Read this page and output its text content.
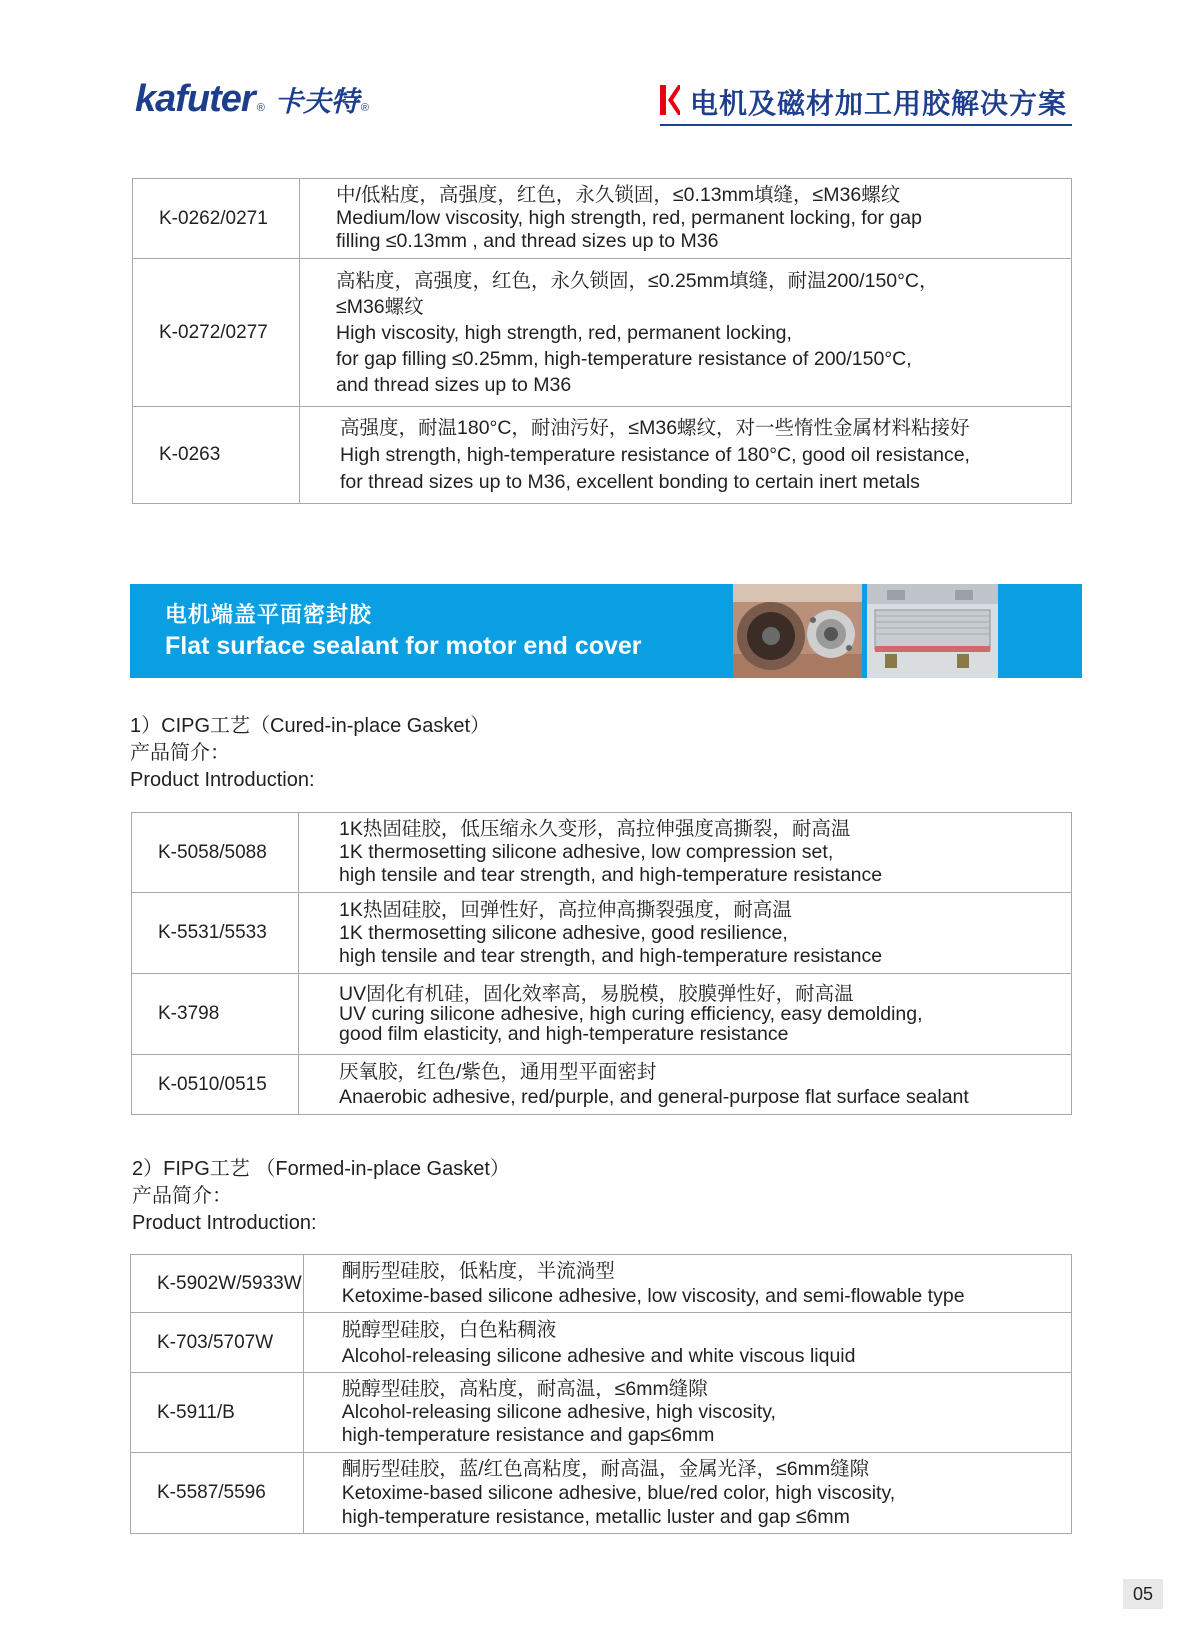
kafuter ® 卡夫特 ®	电机及磁材加工用胶解决方案
K-0262/0271	中/低粘度，高强度，红色，永久锁固，≤0.13mm填缝，≤M36螺纹
Medium/low viscosity, high strength, red, permanent locking, for gap
filling ≤0.13mm , and thread sizes up to M36

K-0272/0277	高粘度，高强度，红色，永久锁固，≤0.25mm填缝，耐温200/150°C，
≤M36螺纹
High viscosity, high strength, red, permanent locking,
for gap filling ≤0.25mm, high-temperature resistance of 200/150°C,
and thread sizes up to M36

K-0263	高强度，耐温180°C，耐油污好，≤M36螺纹，对一些惰性金属材料粘接好
High strength, high-temperature resistance of 180°C, good oil resistance,
for thread sizes up to M36, excellent bonding to certain inert metals
电机端盖平面密封胶
Flat surface sealant for motor end cover
1）CIPG工艺（Cured-in-place Gasket）
产品简介：
Product Introduction:
K-5058/5088	1K热固硅胶，低压缩永久变形，高拉伸强度高撕裂，耐高温
1K thermosetting silicone adhesive, low compression set,
high tensile and tear strength, and high-temperature resistance

K-5531/5533	1K热固硅胶，回弹性好，高拉伸高撕裂强度，耐高温
1K thermosetting silicone adhesive, good resilience,
high tensile and tear strength, and high-temperature resistance

K-3798	UV固化有机硅，固化效率高，易脱模，胶膜弹性好，耐高温
UV curing silicone adhesive, high curing efficiency, easy demolding,
good film elasticity, and high-temperature resistance

K-0510/0515	厌氧胶，红色/紫色，通用型平面密封
Anaerobic adhesive, red/purple, and general-purpose flat surface sealant
2）FIPG工艺 （Formed-in-place Gasket）
产品简介：
Product Introduction:
K-5902W/5933W	酮肟型硅胶，低粘度，半流淌型
Ketoxime-based silicone adhesive, low viscosity, and semi-flowable type

K-703/5707W	脱醇型硅胶，白色粘稠液
Alcohol-releasing silicone adhesive and white viscous liquid

K-5911/B	脱醇型硅胶，高粘度，耐高温，≤6mm缝隙
Alcohol-releasing silicone adhesive, high viscosity,
high-temperature resistance and gap≤6mm

K-5587/5596	酮肟型硅胶，蓝/红色高粘度，耐高温，金属光泽，≤6mm缝隙
Ketoxime-based silicone adhesive, blue/red color, high viscosity,
high-temperature resistance, metallic luster and gap ≤6mm
05
